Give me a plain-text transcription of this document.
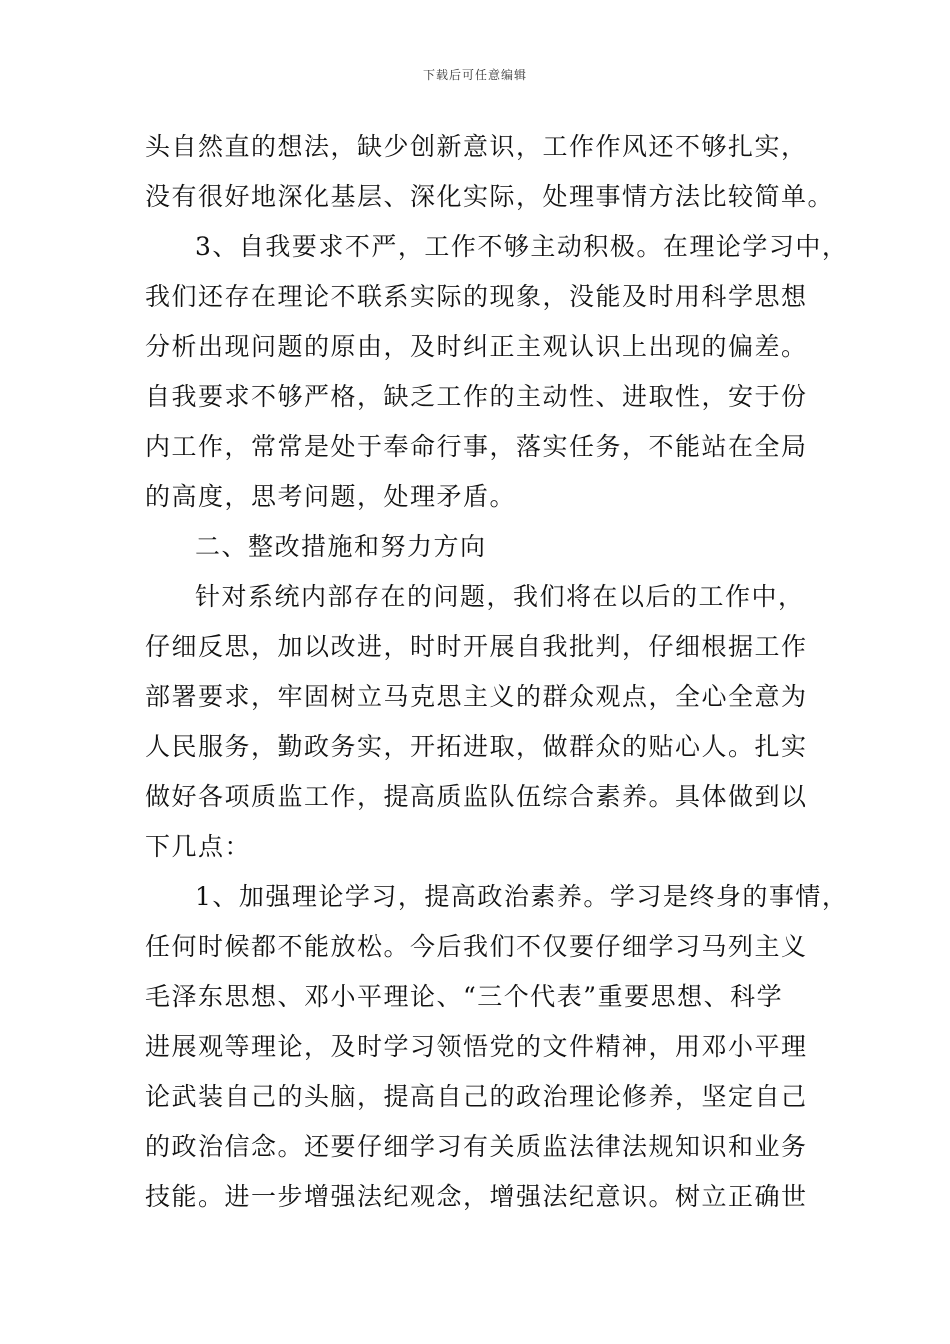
下载后可任意编辑
头自然直的想法，缺少创新意识，工作作风还不够扎实，
没有很好地深化基层、深化实际，处理事情方法比较简单。
3、自我要求不严，工作不够主动积极。在理论学习中，
我们还存在理论不联系实际的现象，没能及时用科学思想
分析出现问题的原由，及时纠正主观认识上出现的偏差。
自我要求不够严格，缺乏工作的主动性、进取性，安于份
内工作，常常是处于奉命行事，落实任务，不能站在全局
的高度，思考问题，处理矛盾。
二、整改措施和努力方向
针对系统内部存在的问题，我们将在以后的工作中，
仔细反思，加以改进，时时开展自我批判，仔细根据工作
部署要求，牢固树立马克思主义的群众观点，全心全意为
人民服务，勤政务实，开拓进取，做群众的贴心人。扎实
做好各项质监工作，提高质监队伍综合素养。具体做到以
下几点：
1、加强理论学习，提高政治素养。学习是终身的事情，
任何时候都不能放松。今后我们不仅要仔细学习马列主义
毛泽东思想、邓小平理论、“三个代表”重要思想、科学
进展观等理论，及时学习领悟党的文件精神，用邓小平理
论武装自己的头脑，提高自己的政治理论修养，坚定自己
的政治信念。还要仔细学习有关质监法律法规知识和业务
技能。进一步增强法纪观念，增强法纪意识。树立正确世
